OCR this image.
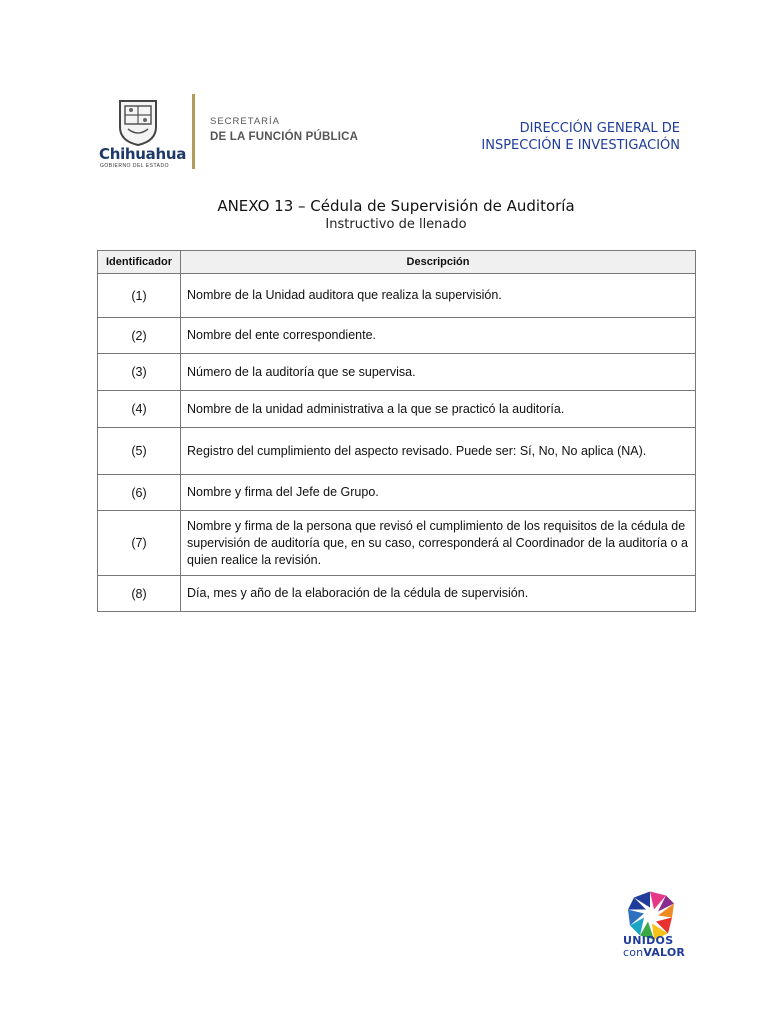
Chihuahua
GOBIERNO DEL ESTADO
SECRETARÍA
DE LA FUNCIÓN PÚBLICA
DIRECCIÓN GENERAL DE
INSPECCIÓN E INVESTIGACIÓN
ANEXO 13 – Cédula de Supervisión de Auditoría
Instructivo de llenado
Identificador	Descripción
(1)	Nombre de la Unidad auditora que realiza la supervisión.
(2)	Nombre del ente correspondiente.
(3)	Número de la auditoría que se supervisa.
(4)	Nombre de la unidad administrativa a la que se practicó la auditoría.
(5)	Registro del cumplimiento del aspecto revisado. Puede ser: Sí, No, No aplica (NA).
(6)	Nombre y firma del Jefe de Grupo.
(7)	Nombre y firma de la persona que revisó el cumplimiento de los requisitos de la cédula de supervisión de auditoría que, en su caso, corresponderá al Coordinador de la auditoría o a quien realice la revisión.
(8)	Día, mes y año de la elaboración de la cédula de supervisión.
UNIDOS
conVALOR
